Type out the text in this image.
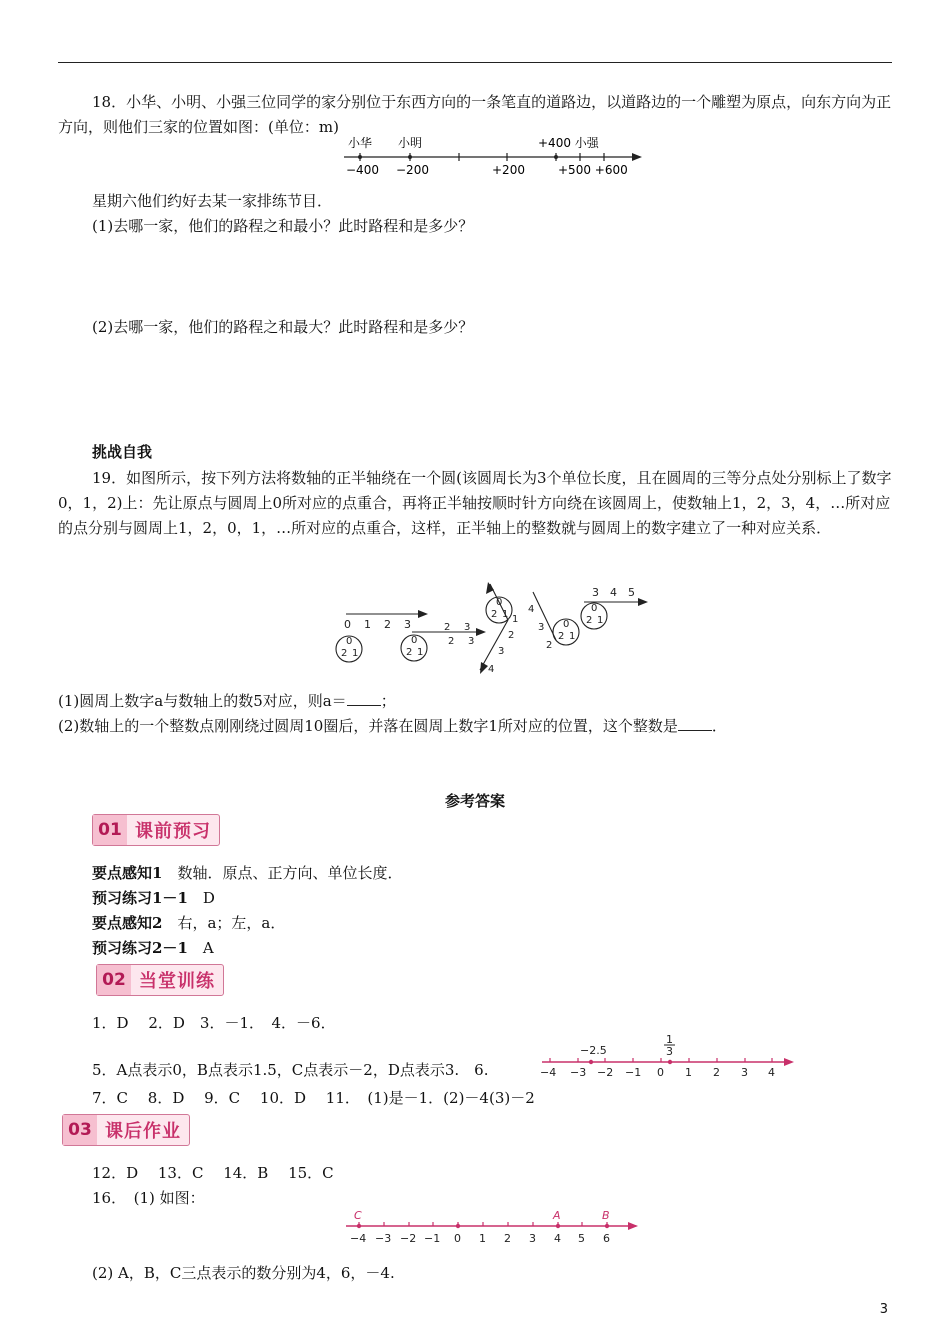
18．小华、小明、小强三位同学的家分别位于东西方向的一条笔直的道路边，以道路边的一个雕塑为原点，向东方向为正方向，则他们三家的位置如图：(单位：m)

小华 小明	+400 小强
−400 −200	+200	+500 +600
星期六他们约好去某一家排练节目．
(1)去哪一家，他们的路程之和最小？此时路程和是多少？
(2)去哪一家，他们的路程之和最大？此时路程和是多少？
挑战自我

19．如图所示，按下列方法将数轴的正半轴绕在一个圆(该圆周长为3个单位长度，且在圆周的三等分点处分别标上了数字0，1，2)上：先让原点与圆周上0所对应的点重合，再将正半轴按顺时针方向绕在该圆周上，使数轴上1，2，3，4，…所对应的点分别与圆周上1，2，0，1，…所对应的点重合，这样，正半轴上的整数就与圆周上的数字建立了一种对应关系．

0 1 2 3
3 4 5
0
2 1
0
2 1
0
2 1
0
2 1
0
2 1
1
2
3
4
4
3
2
2 3
2 3
(1)圆周上数字a与数轴上的数5对应，则a＝ ；
(2)数轴上的一个整数点刚刚绕过圆周10圈后，并落在圆周上数字1所对应的位置，这个整数是 ．
参考答案
01 课前预习
要点感知1　 数轴．原点、正方向、单位长度．
预习练习1－1　 D
要点感知2　 右，a；左，a．
预习练习2－1　 A
02 当堂训练
1．D　 2．D　3．－1．　4．－6．
5．A点表示0，B点表示1.5，C点表示－2，D点表示3.　6.	−4 −3 −2 −1 0 1 2 3 4
−2.5
1
3
7．C　 8．D　 9．C　 10．D　 11．　(1)是－1．(2)－4(3)－2
03 课后作业
12．D　 13．C　 14．B　 15．C
16．　(1) 如图：
−4 −3 −2 −1 0 1 2 3 4 5 6
C	A	B
(2) A，B，C三点表示的数分别为4，6，－4.
3
